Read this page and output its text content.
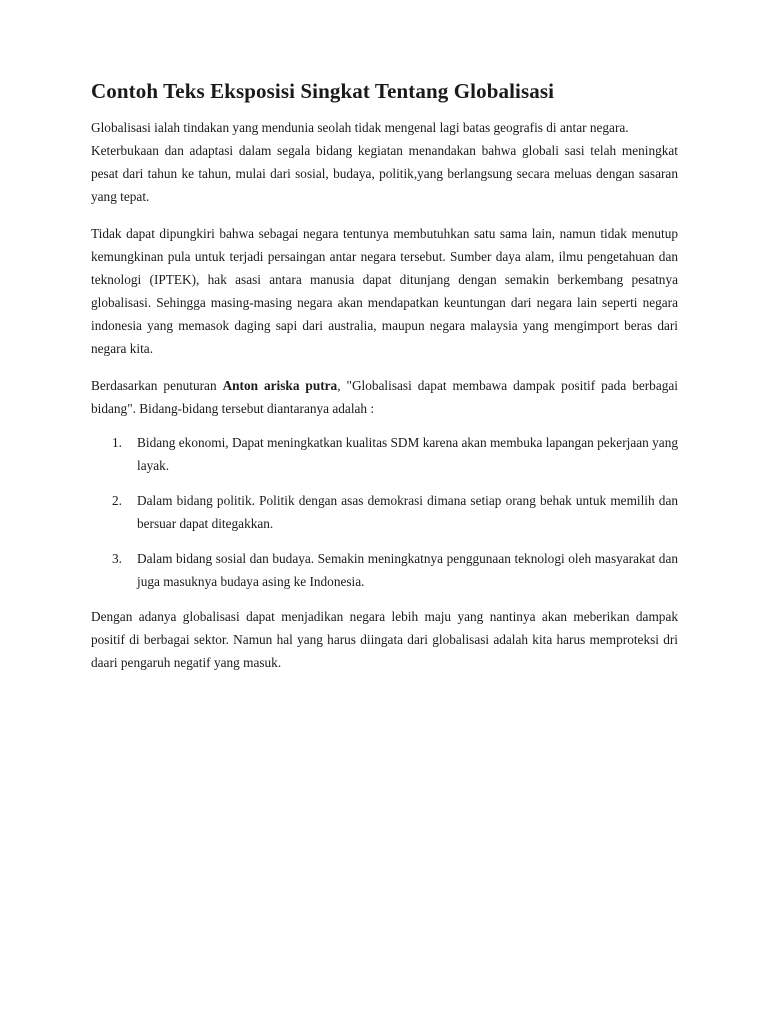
Contoh Teks Eksposisi Singkat Tentang Globalisasi

Globalisasi ialah tindakan yang mendunia seolah tidak mengenal lagi batas geografis di antar negara.

Keterbukaan dan adaptasi dalam segala bidang kegiatan menandakan bahwa globali sasi telah meningkat pesat dari tahun ke tahun, mulai dari sosial, budaya, politik,yang berlangsung secara meluas dengan sasaran yang tepat.

Tidak dapat dipungkiri bahwa sebagai negara tentunya membutuhkan satu sama lain, namun tidak menutup kemungkinan pula untuk terjadi persaingan antar negara tersebut. Sumber daya alam, ilmu pengetahuan dan teknologi (IPTEK), hak asasi antara manusia dapat ditunjang dengan semakin berkembang pesatnya globalisasi. Sehingga masing-masing negara akan mendapatkan keuntungan dari negara lain seperti negara indonesia yang memasok daging sapi dari australia, maupun negara malaysia yang mengimport beras dari negara kita.

Berdasarkan penuturan Anton ariska putra, "Globalisasi dapat membawa dampak positif pada berbagai bidang". Bidang-bidang tersebut diantaranya adalah :

1.	Bidang ekonomi, Dapat meningkatkan kualitas SDM karena akan membuka lapangan pekerjaan yang layak.
2.	Dalam bidang politik. Politik dengan asas demokrasi dimana setiap orang behak untuk memilih dan bersuar dapat ditegakkan.
3.	Dalam bidang sosial dan budaya. Semakin meningkatnya penggunaan teknologi oleh masyarakat dan juga masuknya budaya asing ke Indonesia.

Dengan adanya globalisasi dapat menjadikan negara lebih maju yang nantinya akan meberikan dampak positif di berbagai sektor. Namun hal yang harus diingata dari globalisasi adalah kita harus memproteksi dri daari pengaruh negatif yang masuk.
